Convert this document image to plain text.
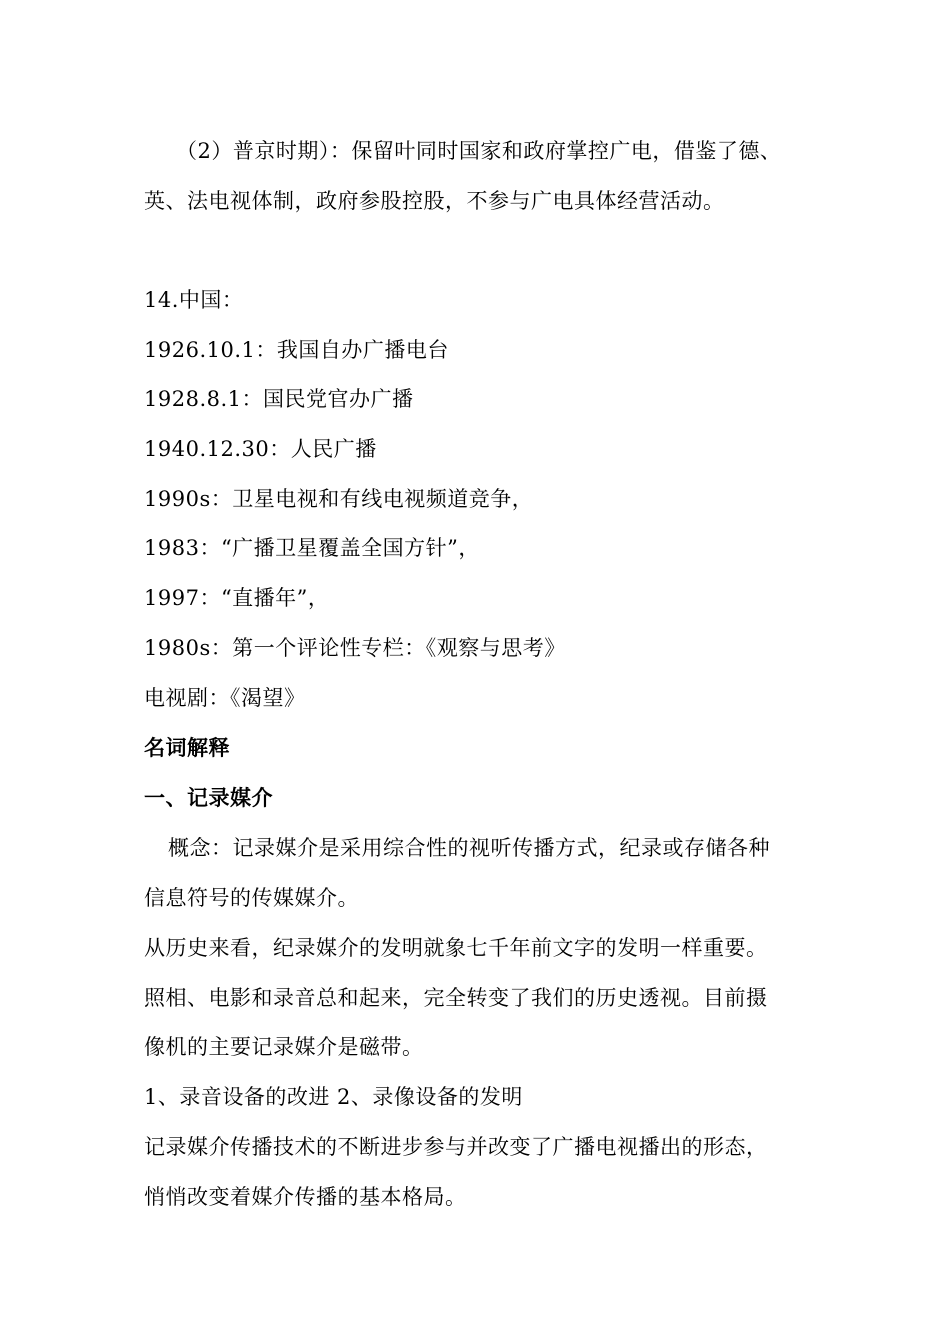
（2）普京时期）：保留叶同时国家和政府掌控广电，借鉴了德、
英、法电视体制，政府参股控股，不参与广电具体经营活动。
14.中国：
1926.10.1：我国自办广播电台
1928.8.1：国民党官办广播
1940.12.30：人民广播
1990s：卫星电视和有线电视频道竞争，
1983：“广播卫星覆盖全国方针”，
1997：“直播年”，
1980s：第一个评论性专栏：《观察与思考》
电视剧：《渴望》
名词解释
一、记录媒介
概念：记录媒介是采用综合性的视听传播方式，纪录或存储各种
信息符号的传媒媒介。
从历史来看，纪录媒介的发明就象七千年前文字的发明一样重要。
照相、电影和录音总和起来，完全转变了我们的历史透视。目前摄
像机的主要记录媒介是磁带。
1、录音设备的改进 2、录像设备的发明
记录媒介传播技术的不断进步参与并改变了广播电视播出的形态，
悄悄改变着媒介传播的基本格局。
